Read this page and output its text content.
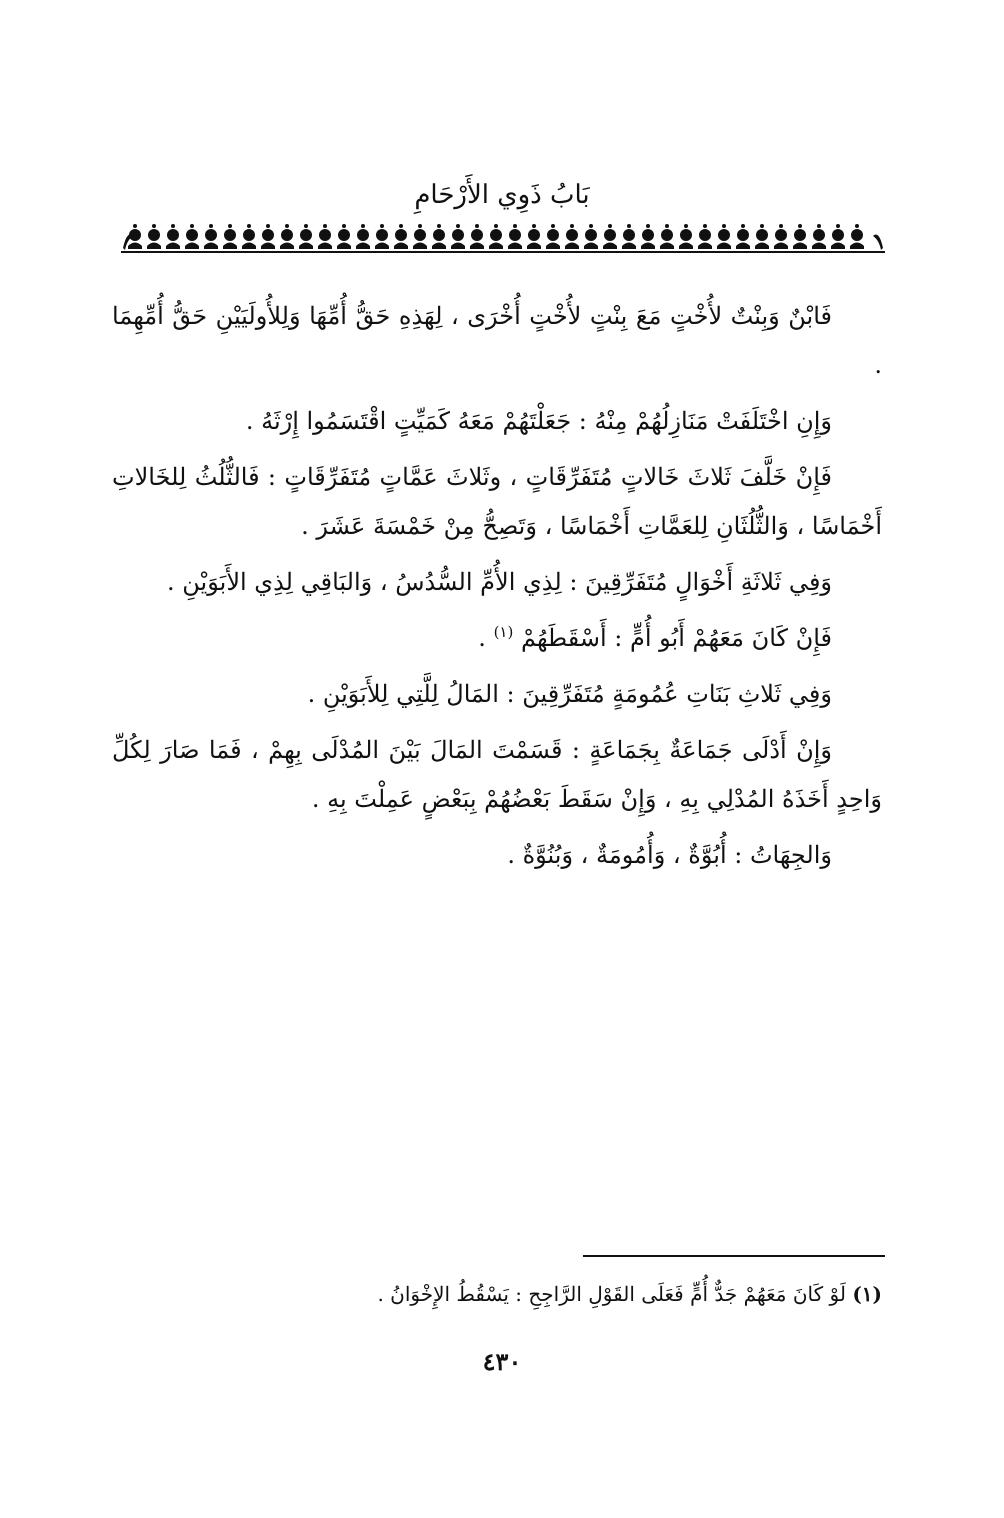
بَابُ ذَوِي الأَرْحَامِ

فَابْنٌ وَبِنْتٌ لأُخْتٍ مَعَ بِنْتٍ لأُخْتٍ أُخْرَى ، لِهَذِهِ حَقُّ أُمِّهَا وَلِلأُولَيَيْنِ حَقُّ أُمِّهِمَا .

وَإِنِ اخْتَلَفَتْ مَنَازِلُهُمْ مِنْهُ : جَعَلْتَهُمْ مَعَهُ كَمَيِّتٍ اقْتَسَمُوا إِرْثَهُ .

فَإِنْ خَلَّفَ ثَلاثَ خَالاتٍ مُتَفَرِّقَاتٍ ، وثَلاثَ عَمَّاتٍ مُتَفَرِّقَاتٍ : فَالثُّلُثُ لِلخَالاتِ أَخْمَاسًا ، وَالثُّلُثَانِ لِلعَمَّاتِ أَخْمَاسًا ، وَتَصِحُّ مِنْ خَمْسَةَ عَشَرَ .

وَفِي ثَلاثَةِ أَخْوَالٍ مُتَفَرِّقِينَ : لِذِي الأُمِّ السُّدُسُ ، وَالبَاقِي لِذِي الأَبَوَيْنِ .

فَإِنْ كَانَ مَعَهُمْ أَبُو أُمٍّ : أَسْقَطَهُمْ $^{(١)}$ .

وَفِي ثَلاثِ بَنَاتِ عُمُومَةٍ مُتَفَرِّقِينَ : المَالُ لِلَّتِي لِلأَبَوَيْنِ .

وَإِنْ أَدْلَى جَمَاعَةٌ بِجَمَاعَةٍ : قَسَمْتَ المَالَ بَيْنَ المُدْلَى بِهِمْ ، فَمَا صَارَ لِكُلِّ وَاحِدٍ أَخَذَهُ المُدْلِي بِهِ ، وَإِنْ سَقَطَ بَعْضُهُمْ بِبَعْضٍ عَمِلْتَ بِهِ .

وَالجِهَاتُ : أُبُوَّةٌ ، وَأُمُومَةٌ ، وَبُنُوَّةٌ .

(١) لَوْ كَانَ مَعَهُمْ جَدٌّ أُمٍّ فَعَلَى القَوْلِ الرَّاجِحِ : يَسْقُطُ الإِخْوَانُ .
٤٣٠
